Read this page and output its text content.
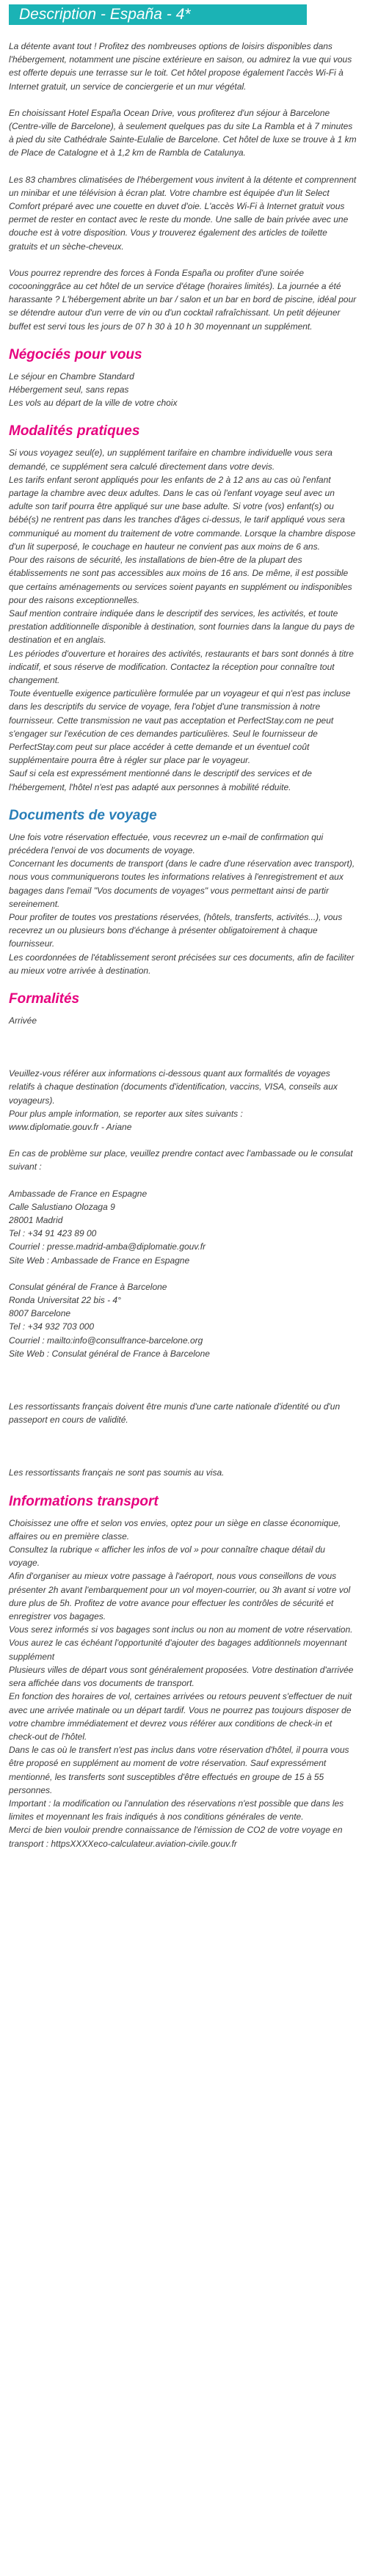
Description - España - 4*

La détente avant tout ! Profitez des nombreuses options de loisirs disponibles dans l'hébergement, notamment une piscine extérieure en saison, ou admirez la vue qui vous est offerte depuis une terrasse sur le toit. Cet hôtel propose également l'accès Wi-Fi à Internet gratuit, un service de conciergerie et un mur végétal.

En choisissant Hotel España Ocean Drive, vous profiterez d'un séjour à Barcelone (Centre-ville de Barcelone), à seulement quelques pas du site La Rambla et à 7 minutes à pied du site Cathédrale Sainte-Eulalie de Barcelone. Cet hôtel de luxe se trouve à 1 km de Place de Catalogne et à 1,2 km de Rambla de Catalunya.

Les 83 chambres climatisées de l'hébergement vous invitent à la détente et comprennent un minibar et une télévision à écran plat. Votre chambre est équipée d'un lit Select Comfort préparé avec une couette en duvet d'oie. L'accès Wi-Fi à Internet gratuit vous permet de rester en contact avec le reste du monde. Une salle de bain privée avec une douche est à votre disposition. Vous y trouverez également des articles de toilette gratuits et un sèche-cheveux.

Vous pourrez reprendre des forces à Fonda España ou profiter d'une soirée cocooninggrâce au cet hôtel de un service d'étage (horaires limités). La journée a été harassante ? L'hébergement abrite un bar / salon et un bar en bord de piscine, idéal pour se détendre autour d'un verre de vin ou d'un cocktail rafraîchissant. Un petit déjeuner buffet est servi tous les jours de 07 h 30 à 10 h 30 moyennant un supplément.

Négociés pour vous

Le séjour en Chambre Standard
Hébergement seul, sans repas
Les vols au départ de la ville de votre choix

Modalités pratiques

Si vous voyagez seul(e), un supplément tarifaire en chambre individuelle vous sera demandé, ce supplément sera calculé directement dans votre devis.
Les tarifs enfant seront appliqués pour les enfants de 2 à 12 ans au cas où l'enfant partage la chambre avec deux adultes. Dans le cas où l'enfant voyage seul avec un adulte son tarif pourra être appliqué sur une base adulte. Si votre (vos) enfant(s) ou bébé(s) ne rentrent pas dans les tranches d'âges ci-dessus, le tarif appliqué vous sera communiqué au moment du traitement de votre commande. Lorsque la chambre dispose d'un lit superposé, le couchage en hauteur ne convient pas aux moins de 6 ans.
Pour des raisons de sécurité, les installations de bien-être de la plupart des établissements ne sont pas accessibles aux moins de 16 ans. De même, il est possible que certains aménagements ou services soient payants en supplément ou indisponibles pour des raisons exceptionnelles.
Sauf mention contraire indiquée dans le descriptif des services, les activités, et toute prestation additionnelle disponible à destination, sont fournies dans la langue du pays de destination et en anglais.
Les périodes d'ouverture et horaires des activités, restaurants et bars sont donnés à titre indicatif, et sous réserve de modification. Contactez la réception pour connaître tout changement.
Toute éventuelle exigence particulière formulée par un voyageur et qui n'est pas incluse dans les descriptifs du service de voyage, fera l'objet d'une transmission à notre fournisseur. Cette transmission ne vaut pas acceptation et PerfectStay.com ne peut s'engager sur l'exécution de ces demandes particulières. Seul le fournisseur de PerfectStay.com peut sur place accéder à cette demande et un éventuel coût supplémentaire pourra être à régler sur place par le voyageur.
Sauf si cela est expressément mentionné dans le descriptif des services et de l'hébergement, l'hôtel n'est pas adapté aux personnes à mobilité réduite.

Documents de voyage

Une fois votre réservation effectuée, vous recevrez un e-mail de confirmation qui précédera l'envoi de vos documents de voyage.
Concernant les documents de transport (dans le cadre d'une réservation avec transport), nous vous communiquerons toutes les informations relatives à l'enregistrement et aux bagages dans l'email "Vos documents de voyages" vous permettant ainsi de partir sereinement.
Pour profiter de toutes vos prestations réservées, (hôtels, transferts, activités...), vous recevrez un ou plusieurs bons d'échange à présenter obligatoirement à chaque fournisseur.
Les coordonnées de l'établissement seront précisées sur ces documents, afin de faciliter au mieux votre arrivée à destination.

Formalités

Arrivée

Veuillez-vous référer aux informations ci-dessous quant aux formalités de voyages relatifs à chaque destination (documents d'identification, vaccins, VISA, conseils aux voyageurs).
Pour plus ample information, se reporter aux sites suivants :
www.diplomatie.gouv.fr - Ariane

En cas de problème sur place, veuillez prendre contact avec l'ambassade ou le consulat suivant :

Ambassade de France en Espagne
Calle Salustiano Olozaga 9
28001 Madrid
Tel : +34 91 423 89 00
Courriel : presse.madrid-amba@diplomatie.gouv.fr
Site Web : Ambassade de France en Espagne

Consulat général de France à Barcelone
Ronda Universitat 22 bis - 4°
8007 Barcelone
Tel : +34 932 703 000
Courriel : mailto:info@consulfrance-barcelone.org
Site Web : Consulat général de France à Barcelone

Les ressortissants français doivent être munis d'une carte nationale d'identité ou d'un passeport en cours de validité.

Les ressortissants français ne sont pas soumis au visa.

Informations transport

Choisissez une offre et selon vos envies, optez pour un siège en classe économique, affaires ou en première classe.
Consultez la rubrique « afficher les infos de vol » pour connaître chaque détail du voyage.
Afin d'organiser au mieux votre passage à l'aéroport, nous vous conseillons de vous présenter 2h avant l'embarquement pour un vol moyen-courrier, ou 3h avant si votre vol dure plus de 5h. Profitez de votre avance pour effectuer les contrôles de sécurité et enregistrer vos bagages.
Vous serez informés si vos bagages sont inclus ou non au moment de votre réservation.
Vous aurez le cas échéant l'opportunité d'ajouter des bagages additionnels moyennant supplément
Plusieurs villes de départ vous sont généralement proposées. Votre destination d'arrivée sera affichée dans vos documents de transport.
En fonction des horaires de vol, certaines arrivées ou retours peuvent s'effectuer de nuit avec une arrivée matinale ou un départ tardif. Vous ne pourrez pas toujours disposer de votre chambre immédiatement et devrez vous référer aux conditions de check-in et check-out de l'hôtel.
Dans le cas où le transfert n'est pas inclus dans votre réservation d'hôtel, il pourra vous être proposé en supplément au moment de votre réservation. Sauf expressément mentionné, les transferts sont susceptibles d'être effectués en groupe de 15 à 55 personnes.
Important : la modification ou l'annulation des réservations n'est possible que dans les limites et moyennant les frais indiqués à nos conditions générales de vente.
Merci de bien vouloir prendre connaissance de l'émission de CO2 de votre voyage en transport : httpsXXXXeco-calculateur.aviation-civile.gouv.fr
